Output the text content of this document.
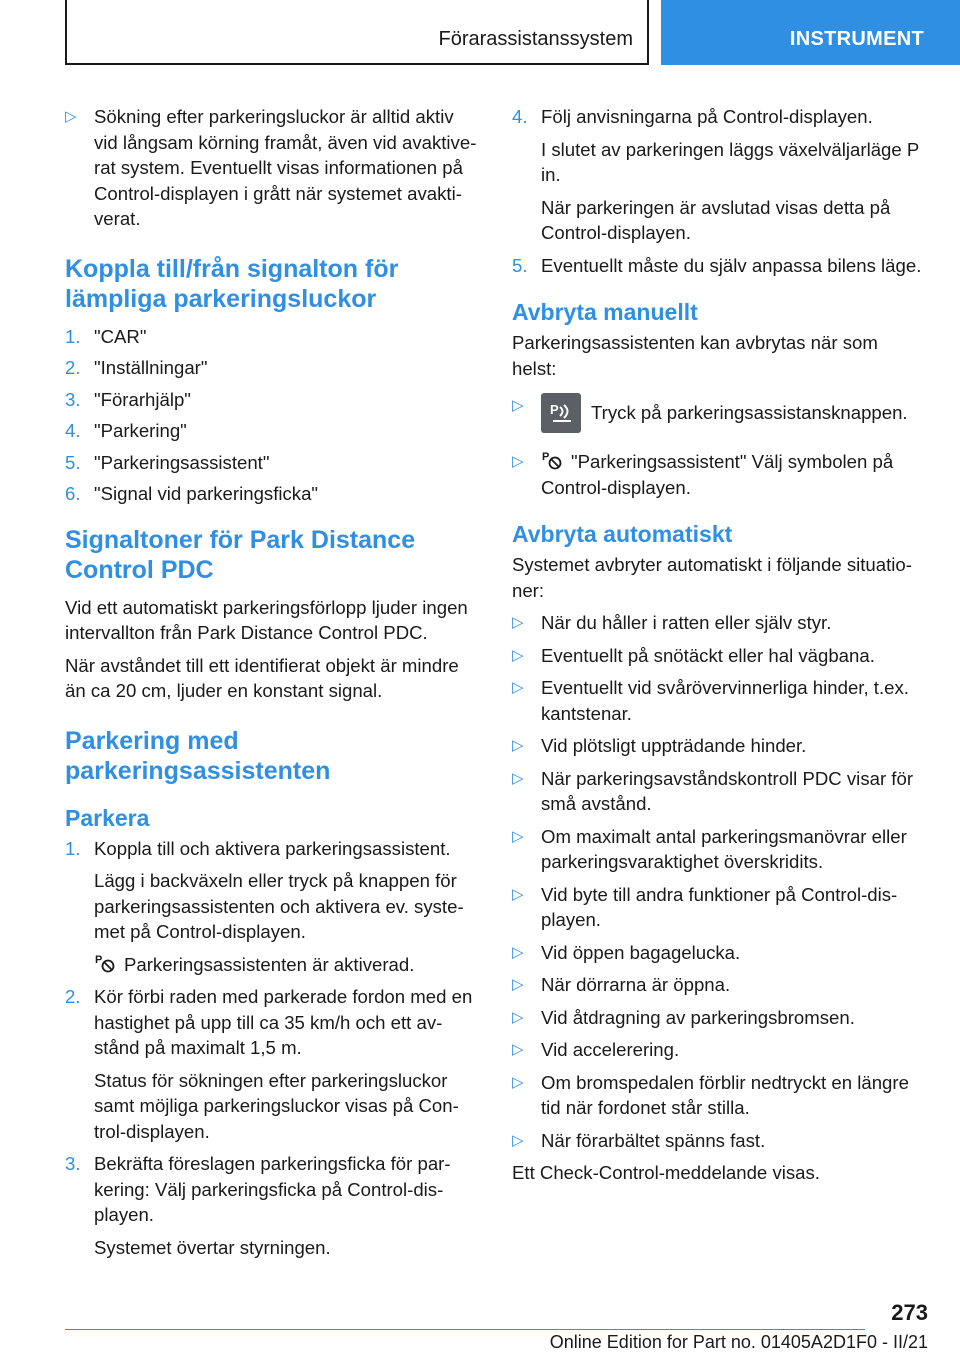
Förarassistanssystem	INSTRUMENT
▷ Sökning efter parkeringsluckor är alltid aktiv vid långsam körning framåt, även vid avaktive-rat system. Eventuellt visas informationen på Control-displayen i grått när systemet avakti-verat.
Koppla till/från signalton för lämpliga parkeringsluckor
1. "CAR"
2. "Inställningar"
3. "Förarhjälp"
4. "Parkering"
5. "Parkeringsassistent"
6. "Signal vid parkeringsficka"
Signaltoner för Park Distance Control PDC
Vid ett automatiskt parkeringsförlopp ljuder ingen intervallton från Park Distance Control PDC.
När avståndet till ett identifierat objekt är mindre än ca 20 cm, ljuder en konstant signal.
Parkering med parkeringsassistenten
Parkera
1. Koppla till och aktivera parkeringsassistent.
Lägg i backväxeln eller tryck på knappen för parkeringsassistenten och aktivera ev. syste-met på Control-displayen.
P Parkeringsassistenten är aktiverad.
2. Kör förbi raden med parkerade fordon med en hastighet på upp till ca 35 km/h och ett av-stånd på maximalt 1,5 m.
Status för sökningen efter parkeringsluckor samt möjliga parkeringsluckor visas på Con-trol-displayen.
3. Bekräfta föreslagen parkeringsficka för par-kering: Välj parkeringsficka på Control-dis-playen.
Systemet övertar styrningen.
4. Följ anvisningarna på Control-displayen.
I slutet av parkeringen läggs växelväljarläge P in.
När parkeringen är avslutad visas detta på Control-displayen.
5. Eventuellt måste du själv anpassa bilens läge.
Avbryta manuellt
Parkeringsassistenten kan avbrytas när som helst:
▷ P Tryck på parkeringsassistansknappen.
▷ P "Parkeringsassistent" Välj symbolen på Control-displayen.
Avbryta automatiskt
Systemet avbryter automatiskt i följande situatio-ner:
▷ När du håller i ratten eller själv styr.
▷ Eventuellt på snötäckt eller hal vägbana.
▷ Eventuellt vid svårövervinnerliga hinder, t.ex. kantstenar.
▷ Vid plötsligt uppträdande hinder.
▷ När parkeringsavståndskontroll PDC visar för små avstånd.
▷ Om maximalt antal parkeringsmanövrar eller parkeringsvaraktighet överskridits.
▷ Vid byte till andra funktioner på Control-dis-playen.
▷ Vid öppen bagagelucka.
▷ När dörrarna är öppna.
▷ Vid åtdragning av parkeringsbromsen.
▷ Vid accelerering.
▷ Om bromspedalen förblir nedtryckt en längre tid när fordonet står stilla.
▷ När förarbältet spänns fast.
Ett Check-Control-meddelande visas.
273
Online Edition for Part no. 01405A2D1F0 - II/21
